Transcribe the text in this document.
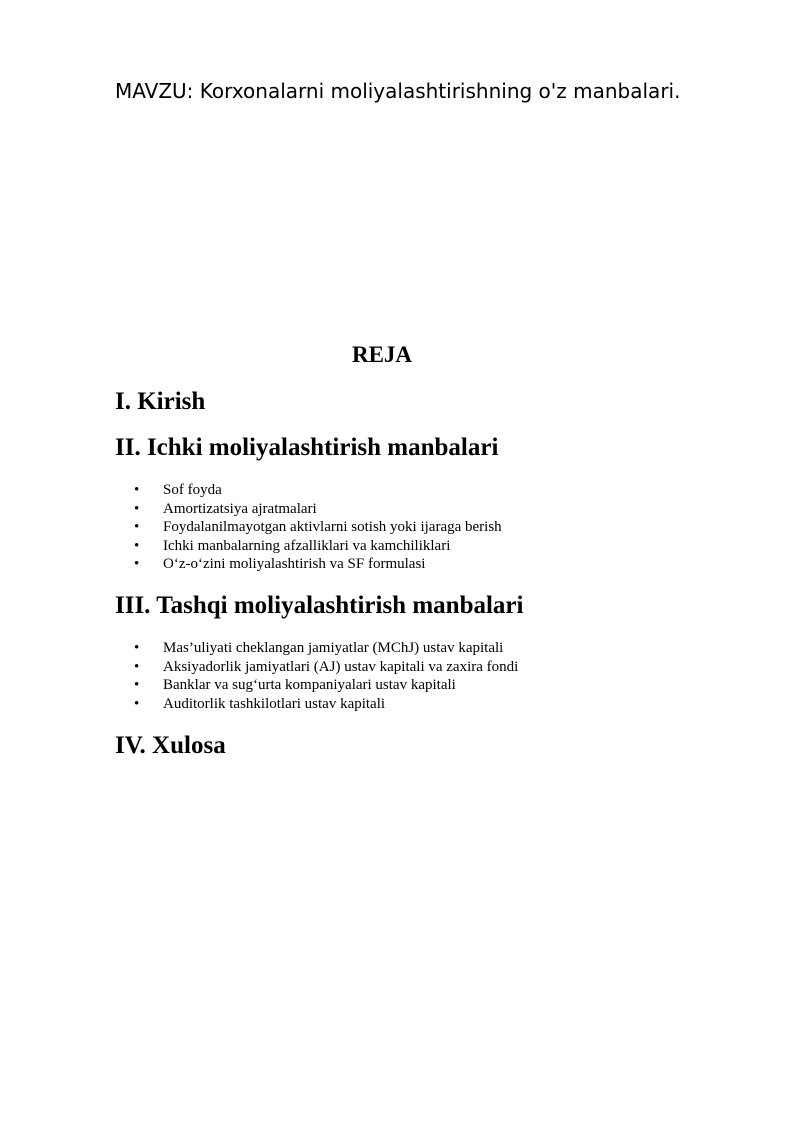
MAVZU: Korxonalarni moliyalashtirishning o'z manbalari.
REJA
I. Kirish
II. Ichki moliyalashtirish manbalari
• Sof foyda
• Amortizatsiya ajratmalari
• Foydalanilmayotgan aktivlarni sotish yoki ijaraga berish
• Ichki manbalarning afzalliklari va kamchiliklari
• O‘z-o‘zini moliyalashtirish va SF formulasi
III. Tashqi moliyalashtirish manbalari
• Mas’uliyati cheklangan jamiyatlar (MChJ) ustav kapitali
• Aksiyadorlik jamiyatlari (AJ) ustav kapitali va zaxira fondi
• Banklar va sug‘urta kompaniyalari ustav kapitali
• Auditorlik tashkilotlari ustav kapitali
IV. Xulosa
